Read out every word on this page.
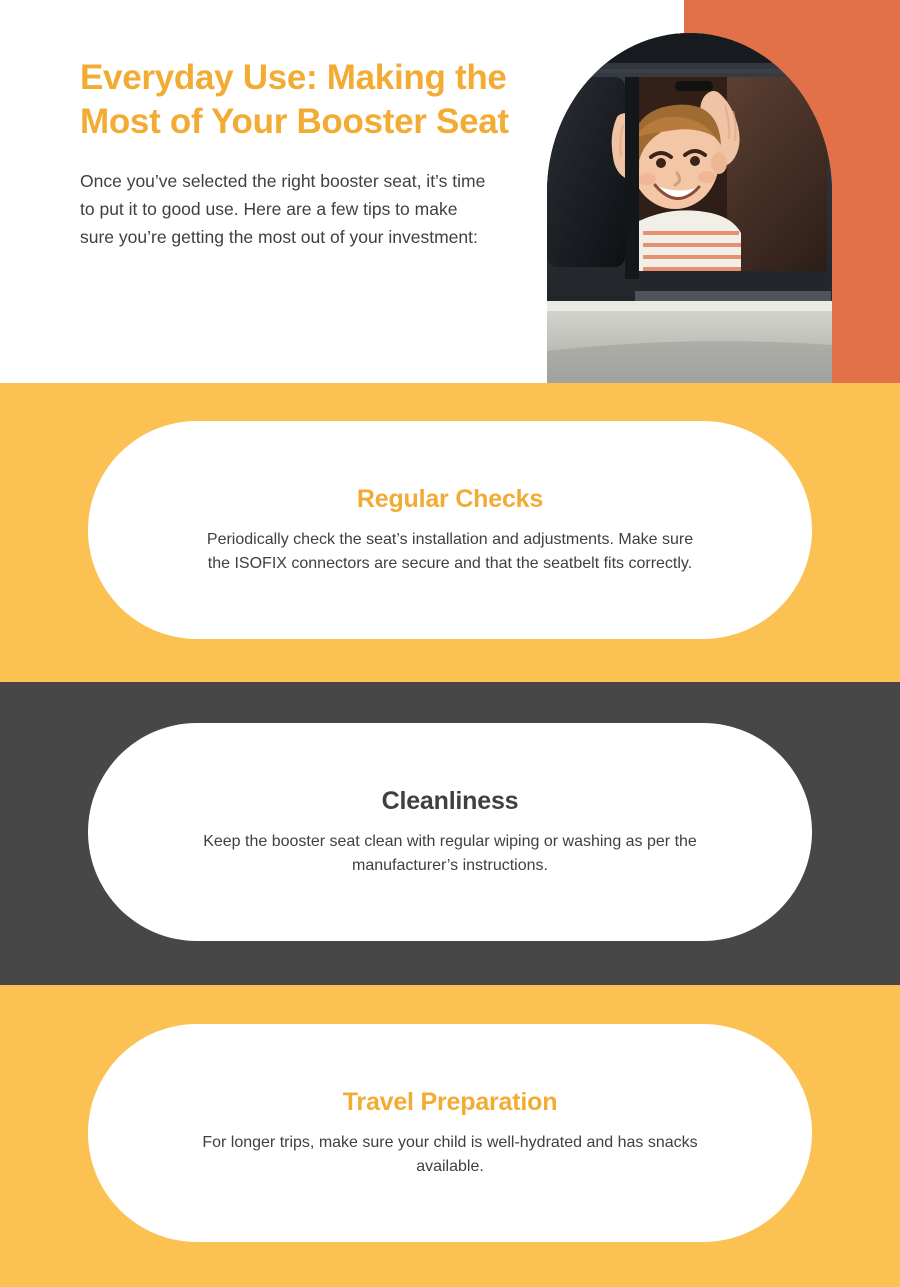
Everyday Use: Making the Most of Your Booster Seat
Once you’ve selected the right booster seat, it’s time to put it to good use. Here are a few tips to make sure you’re getting the most out of your investment:
Regular Checks
Periodically check the seat’s installation and adjustments. Make sure the ISOFIX connectors are secure and that the seatbelt fits correctly.
Cleanliness
Keep the booster seat clean with regular wiping or washing as per the manufacturer’s instructions.
Travel Preparation
For longer trips, make sure your child is well-hydrated and has snacks available.
